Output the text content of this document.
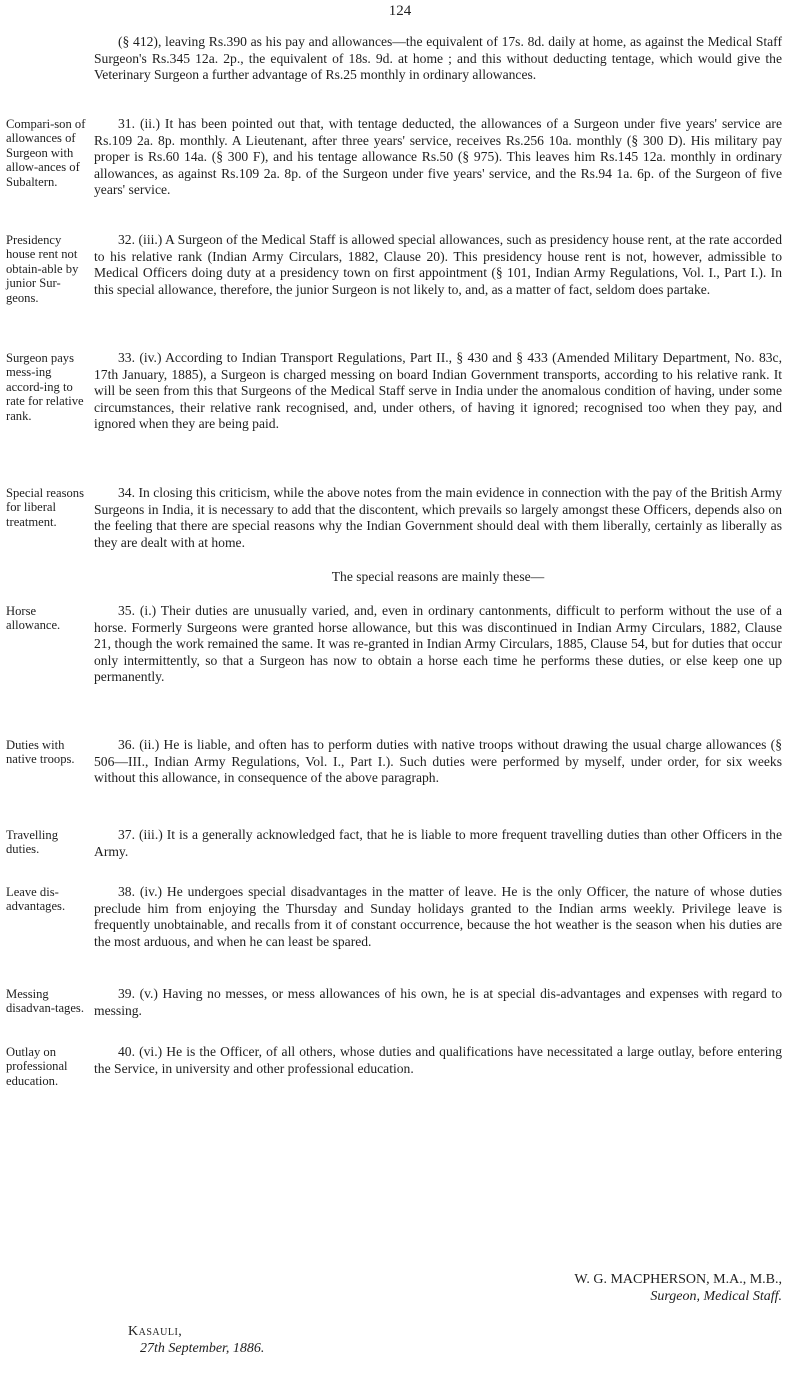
124
(§ 412), leaving Rs.390 as his pay and allowances—the equivalent of 17s. 8d. daily at home, as against the Medical Staff Surgeon's Rs.345 12a. 2p., the equivalent of 18s. 9d. at home ; and this without deducting tentage, which would give the Veterinary Surgeon a further advantage of Rs.25 monthly in ordinary allowances.
Compari-son of allowances of Surgeon with allow-ances of Subaltern.
31. (ii.) It has been pointed out that, with tentage deducted, the allowances of a Surgeon under five years' service are Rs.109 2a. 8p. monthly. A Lieutenant, after three years' service, receives Rs.256 10a. monthly (§ 300 D). His military pay proper is Rs.60 14a. (§ 300 F), and his tentage allowance Rs.50 (§ 975). This leaves him Rs.145 12a. monthly in ordinary allowances, as against Rs.109 2a. 8p. of the Surgeon under five years' service, and the Rs.94 1a. 6p. of the Surgeon of five years' service.
Presidency house rent not obtain-able by junior Sur-geons.
32. (iii.) A Surgeon of the Medical Staff is allowed special allowances, such as presidency house rent, at the rate accorded to his relative rank (Indian Army Circulars, 1882, Clause 20). This presidency house rent is not, however, admissible to Medical Officers doing duty at a presidency town on first appointment (§ 101, Indian Army Regulations, Vol. I., Part I.). In this special allowance, therefore, the junior Surgeon is not likely to, and, as a matter of fact, seldom does partake.
Surgeon pays mess-ing accord-ing to rate for relative rank.
33. (iv.) According to Indian Transport Regulations, Part II., § 430 and § 433 (Amended Military Department, No. 83c, 17th January, 1885), a Surgeon is charged messing on board Indian Government transports, according to his relative rank. It will be seen from this that Surgeons of the Medical Staff serve in India under the anomalous condition of having, under some circumstances, their relative rank recognised, and, under others, of having it ignored; recognised too when they pay, and ignored when they are being paid.
Special reasons for liberal treatment.
34. In closing this criticism, while the above notes from the main evidence in connection with the pay of the British Army Surgeons in India, it is necessary to add that the discontent, which prevails so largely amongst these Officers, depends also on the feeling that there are special reasons why the Indian Government should deal with them liberally, certainly as liberally as they are dealt with at home.
The special reasons are mainly these—
Horse allowance.
35. (i.) Their duties are unusually varied, and, even in ordinary cantonments, difficult to perform without the use of a horse. Formerly Surgeons were granted horse allowance, but this was discontinued in Indian Army Circulars, 1882, Clause 21, though the work remained the same. It was re-granted in Indian Army Circulars, 1885, Clause 54, but for duties that occur only intermittently, so that a Surgeon has now to obtain a horse each time he performs these duties, or else keep one up permanently.
Duties with native troops.
36. (ii.) He is liable, and often has to perform duties with native troops without drawing the usual charge allowances (§ 506—III., Indian Army Regulations, Vol. I., Part I.). Such duties were performed by myself, under order, for six weeks without this allowance, in consequence of the above paragraph.
Travelling duties.
37. (iii.) It is a generally acknowledged fact, that he is liable to more frequent travelling duties than other Officers in the Army.
Leave dis-advantages.
38. (iv.) He undergoes special disadvantages in the matter of leave. He is the only Officer, the nature of whose duties preclude him from enjoying the Thursday and Sunday holidays granted to the Indian arms weekly. Privilege leave is frequently unobtainable, and recalls from it of constant occurrence, because the hot weather is the season when his duties are the most arduous, and when he can least be spared.
Messing disadvan-tages.
39. (v.) Having no messes, or mess allowances of his own, he is at special dis-advantages and expenses with regard to messing.
Outlay on professional education.
40. (vi.) He is the Officer, of all others, whose duties and qualifications have necessitated a large outlay, before entering the Service, in university and other professional education.
W. G. MACPHERSON, M.A., M.B.,
Surgeon, Medical Staff.
Kasauli,
27th September, 1886.
